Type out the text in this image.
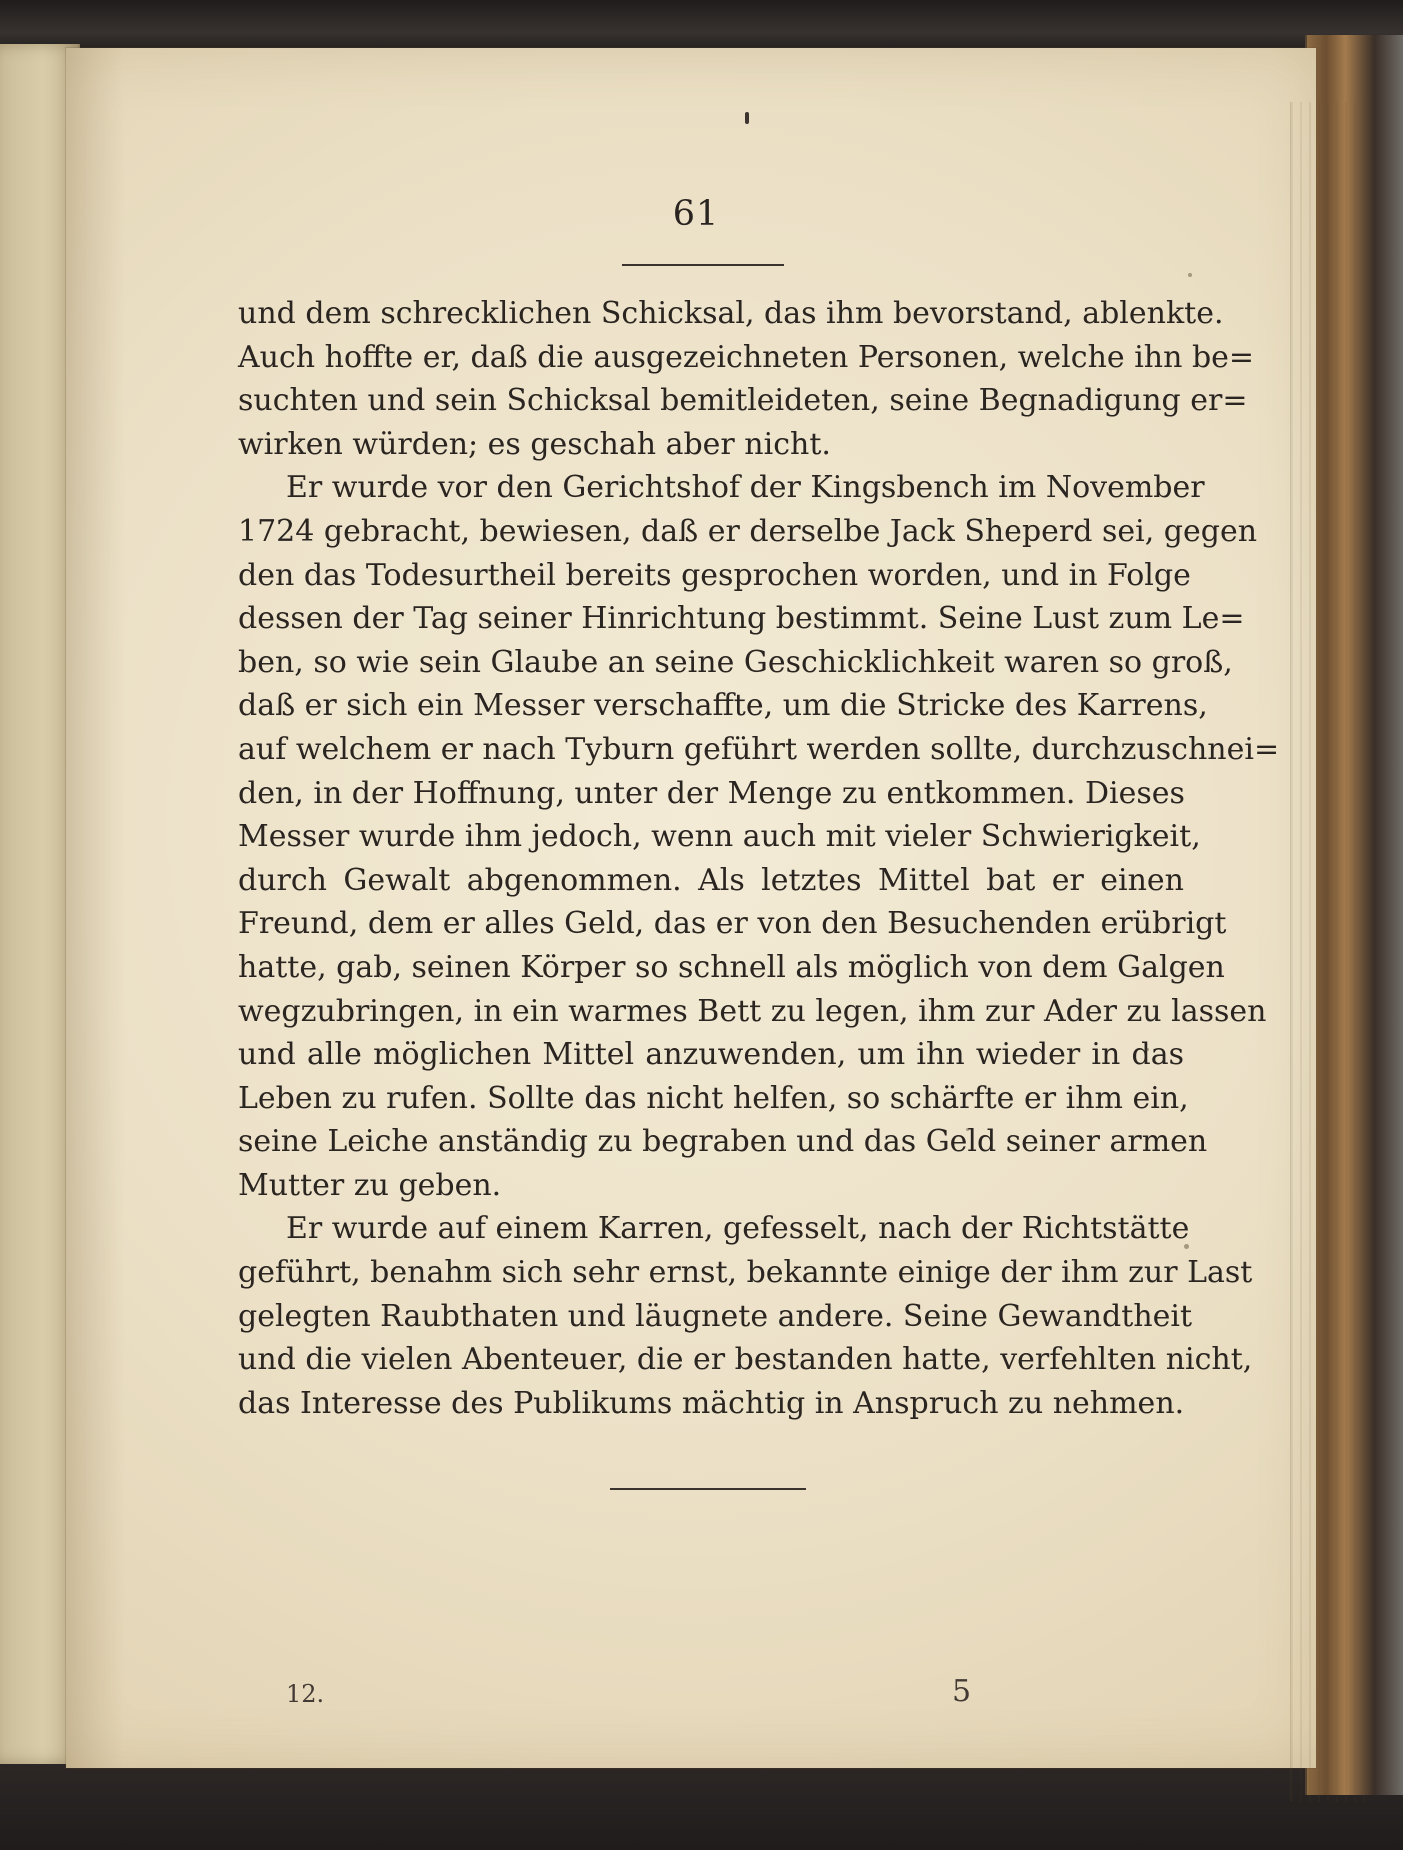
61
und dem schrecklichen Schicksal, das ihm bevorstand, ablenkte.
Auch hoffte er, daß die ausgezeichneten Personen, welche ihn be=
suchten und sein Schicksal bemitleideten, seine Begnadigung er=
wirken würden; es geschah aber nicht.
Er wurde vor den Gerichtshof der Kingsbench im November
1724 gebracht, bewiesen, daß er derselbe Jack Sheperd sei, gegen
den das Todesurtheil bereits gesprochen worden, und in Folge
dessen der Tag seiner Hinrichtung bestimmt. Seine Lust zum Le=
ben, so wie sein Glaube an seine Geschicklichkeit waren so groß,
daß er sich ein Messer verschaffte, um die Stricke des Karrens,
auf welchem er nach Tyburn geführt werden sollte, durchzuschnei=
den, in der Hoffnung, unter der Menge zu entkommen. Dieses
Messer wurde ihm jedoch, wenn auch mit vieler Schwierigkeit,
durch Gewalt abgenommen. Als letztes Mittel bat er einen
Freund, dem er alles Geld, das er von den Besuchenden erübrigt
hatte, gab, seinen Körper so schnell als möglich von dem Galgen
wegzubringen, in ein warmes Bett zu legen, ihm zur Ader zu lassen
und alle möglichen Mittel anzuwenden, um ihn wieder in das
Leben zu rufen. Sollte das nicht helfen, so schärfte er ihm ein,
seine Leiche anständig zu begraben und das Geld seiner armen
Mutter zu geben.
Er wurde auf einem Karren, gefesselt, nach der Richtstätte
geführt, benahm sich sehr ernst, bekannte einige der ihm zur Last
gelegten Raubthaten und läugnete andere. Seine Gewandtheit
und die vielen Abenteuer, die er bestanden hatte, verfehlten nicht,
das Interesse des Publikums mächtig in Anspruch zu nehmen.
12.	5
